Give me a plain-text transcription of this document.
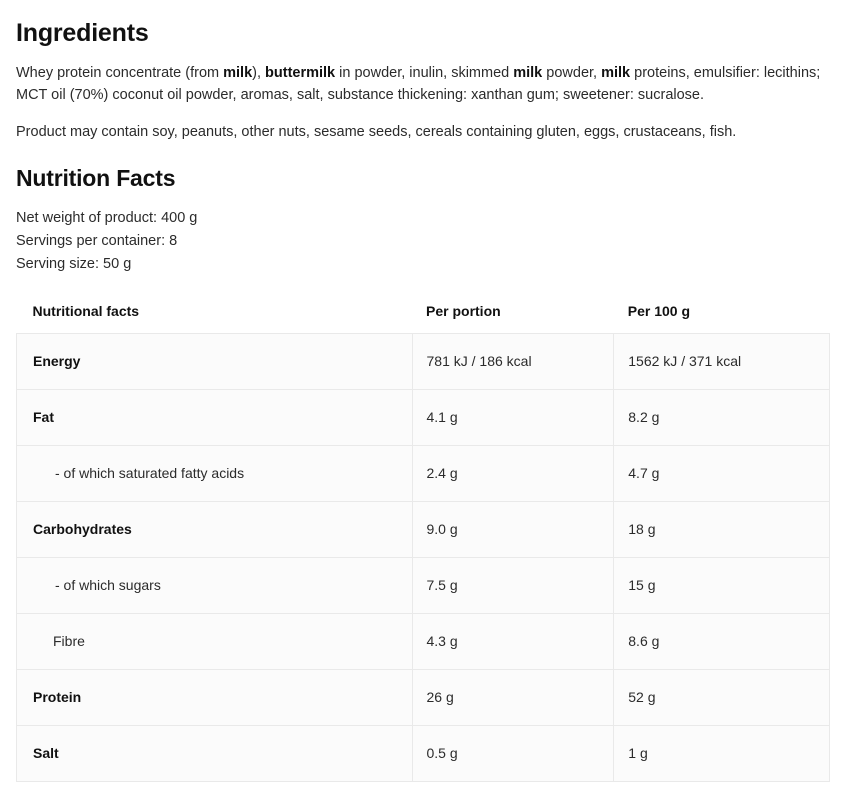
Ingredients

Whey protein concentrate (from milk), buttermilk in powder, inulin, skimmed milk powder, milk proteins, emulsifier: lecithins; MCT oil (70%) coconut oil powder, aromas, salt, substance thickening: xanthan gum; sweetener: sucralose.

Product may contain soy, peanuts, other nuts, sesame seeds, cereals containing gluten, eggs, crustaceans, fish.

Nutrition Facts
Net weight of product: 400 g
Servings per container: 8
Serving size: 50 g
Nutritional facts	Per portion	Per 100 g
Energy	781 kJ / 186 kcal	1562 kJ / 371 kcal
Fat	4.1 g	8.2 g
- of which saturated fatty acids	2.4 g	4.7 g
Carbohydrates	9.0 g	18 g
- of which sugars	7.5 g	15 g
Fibre	4.3 g	8.6 g
Protein	26 g	52 g
Salt	0.5 g	1 g
